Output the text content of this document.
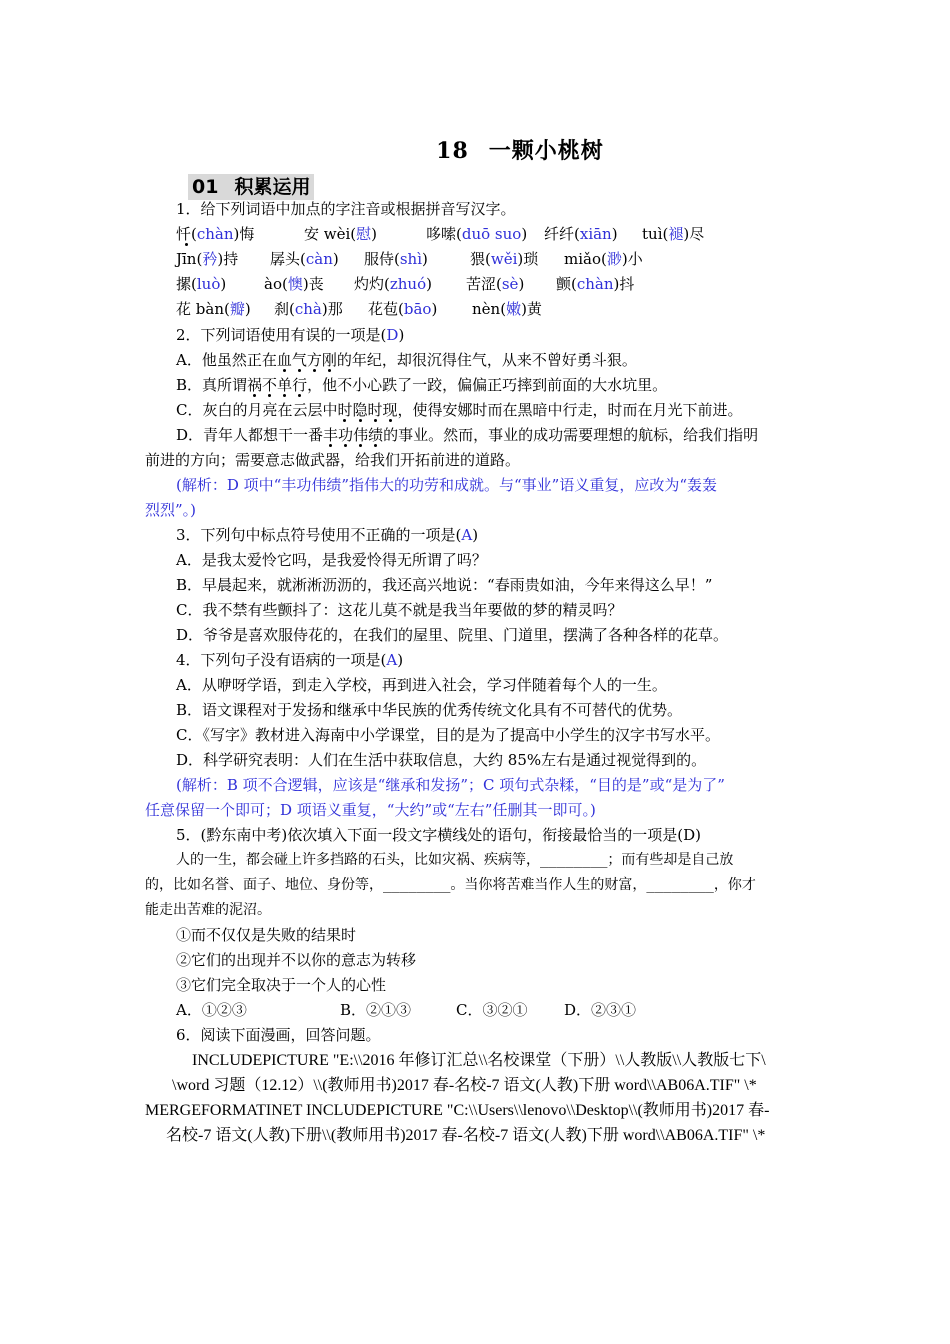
18 一颗小桃树
01 积累运用
1．给下列词语中加点的字注音或根据拼音写汉字。
忏(chàn)悔	安 wèi(慰)	哆嗦(duō suo) 纤纤(xiān) tuì(褪)尽
Jīn(矜)持 孱头(càn) 服侍(shì)	猥(wěi)琐 miǎo(渺)小
摞(luò)	ào(懊)丧 灼灼(zhuó) 苦涩(sè) 颤(chàn)抖
花 bàn(瓣) 刹(chà)那 花苞(bāo) nèn(嫩)黄
2．下列词语使用有误的一项是(D)
A．他虽然正在血气方刚的年纪，却很沉得住气，从来不曾好勇斗狠。
B．真所谓祸不单行，他不小心跌了一跤，偏偏正巧摔到前面的大水坑里。
C．灰白的月亮在云层中时隐时现，使得安娜时而在黑暗中行走，时而在月光下前进。
D．青年人都想干一番丰功伟绩的事业。然而，事业的成功需要理想的航标，给我们指明
前进的方向；需要意志做武器，给我们开拓前进的道路。
(解析：D 项中“丰功伟绩”指伟大的功劳和成就。与“事业”语义重复，应改为“轰轰
烈烈”。)
3．下列句中标点符号使用不正确的一项是(A)
A．是我太爱怜它吗，是我爱怜得无所谓了吗？
B．早晨起来，就淅淅沥沥的，我还高兴地说：“春雨贵如油，今年来得这么早！”
C．我不禁有些颤抖了：这花儿莫不就是我当年要做的梦的精灵吗？
D．爷爷是喜欢服侍花的，在我们的屋里、院里、门道里，摆满了各种各样的花草。
4．下列句子没有语病的一项是(A)
A．从咿呀学语，到走入学校，再到进入社会，学习伴随着每个人的一生。
B．语文课程对于发扬和继承中华民族的优秀传统文化具有不可替代的优势。
C．《写字》教材进入海南中小学课堂，目的是为了提高中小学生的汉字书写水平。
D．科学研究表明：人们在生活中获取信息，大约 85%左右是通过视觉得到的。
(解析：B 项不合逻辑，应该是“继承和发扬”；C 项句式杂糅，“目的是”或“是为了”
任意保留一个即可；D 项语义重复，“大约”或“左右”任删其一即可。)
5．(黔东南中考)依次填入下面一段文字横线处的语句，衔接最恰当的一项是(D)
人的一生，都会碰上许多挡路的石头，比如灾祸、疾病等，________；而有些却是自己放
的，比如名誉、面子、地位、身份等，________。当你将苦难当作人生的财富，________，你才
能走出苦难的泥沼。
①而不仅仅是失败的结果时
②它们的出现并不以你的意志为转移
③它们完全取决于一个人的心性
A．①②③	B．②①③	C．③②① D．②③①
6．阅读下面漫画，回答问题。
INCLUDEPICTURE "E:\\2016 年修订汇总\\名校课堂（下册）\\人教版\\人教版七下\
\word 习题（12.12）\\(教师用书)2017 春-名校-7 语文(人教)下册 word\\AB06A.TIF" \*
MERGEFORMATINET INCLUDEPICTURE "C:\\Users\\lenovo\\Desktop\\(教师用书)2017 春-
名校-7 语文(人教)下册\\(教师用书)2017 春-名校-7 语文(人教)下册 word\\AB06A.TIF" \*
